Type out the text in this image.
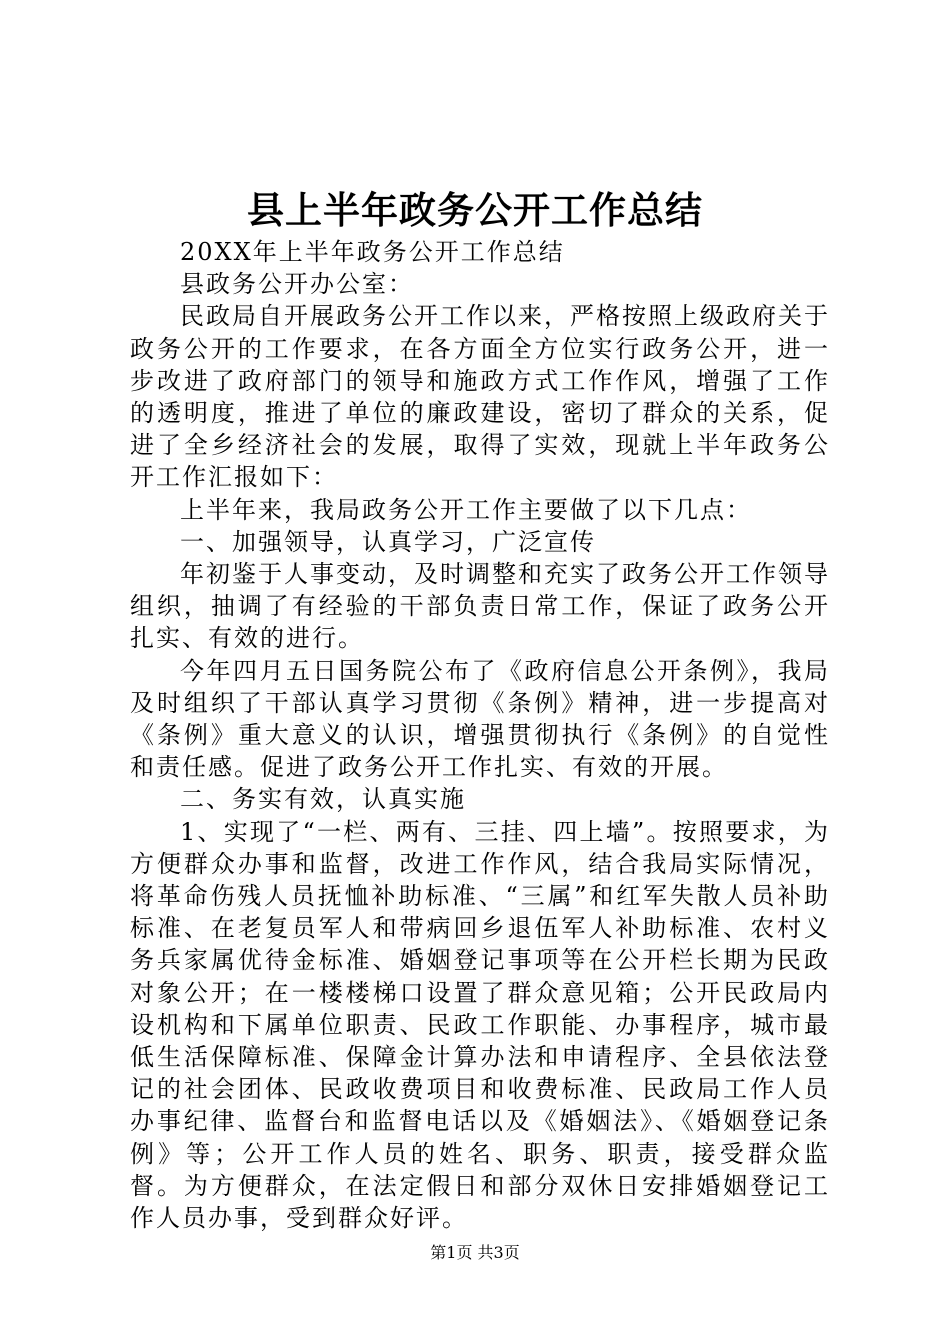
县上半年政务公开工作总结

20XX年上半年政务公开工作总结

县政务公开办公室：

民政局自开展政务公开工作以来，严格按照上级政府关于政务公开的工作要求，在各方面全方位实行政务公开，进一步改进了政府部门的领导和施政方式工作作风，增强了工作的透明度，推进了单位的廉政建设，密切了群众的关系，促进了全乡经济社会的发展，取得了实效，现就上半年政务公开工作汇报如下：

上半年来，我局政务公开工作主要做了以下几点：

一、加强领导，认真学习，广泛宣传

年初鉴于人事变动，及时调整和充实了政务公开工作领导组织，抽调了有经验的干部负责日常工作，保证了政务公开扎实、有效的进行。

今年四月五日国务院公布了《政府信息公开条例》，我局及时组织了干部认真学习贯彻《条例》精神，进一步提高对《条例》重大意义的认识，增强贯彻执行《条例》的自觉性和责任感。促进了政务公开工作扎实、有效的开展。

二、务实有效，认真实施

1、实现了“一栏、两有、三挂、四上墙”。按照要求，为方便群众办事和监督，改进工作作风，结合我局实际情况，将革命伤残人员抚恤补助标准、“三属”和红军失散人员补助标准、在老复员军人和带病回乡退伍军人补助标准、农村义务兵家属优待金标准、婚姻登记事项等在公开栏长期为民政对象公开；在一楼楼梯口设置了群众意见箱；公开民政局内设机构和下属单位职责、民政工作职能、办事程序，城市最低生活保障标准、保障金计算办法和申请程序、全县依法登记的社会团体、民政收费项目和收费标准、民政局工作人员办事纪律、监督台和监督电话以及《婚姻法》、《婚姻登记条例》等；公开工作人员的姓名、职务、职责，接受群众监督。为方便群众，在法定假日和部分双休日安排婚姻登记工作人员办事，受到群众好评。

第1页 共3页
